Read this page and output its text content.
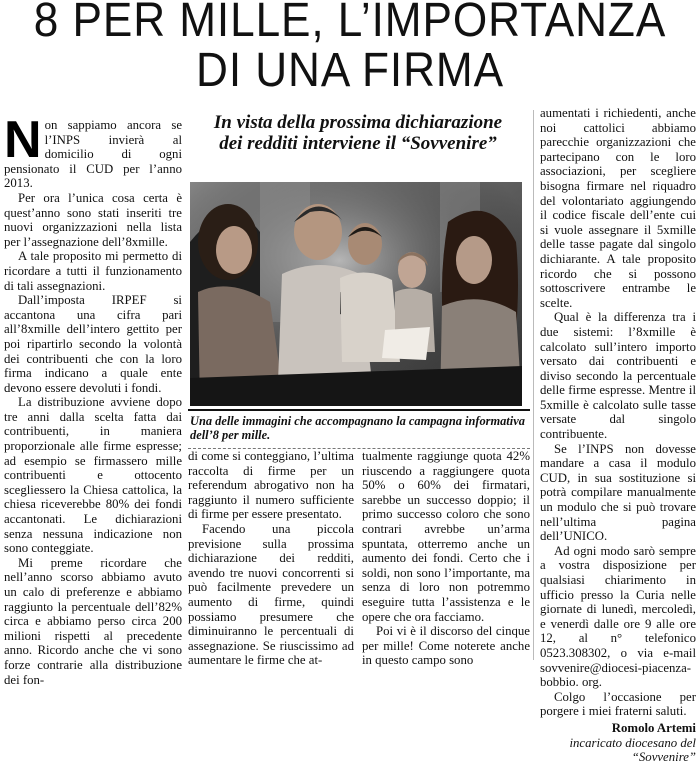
8 PER MILLE, L’IMPORTANZA
DI UNA FIRMA

Non sappiamo ancora se l’INPS invierà al domicilio di ogni pensionato il CUD per l’anno 2013.

Per ora l’unica cosa certa è quest’anno sono stati inseriti tre nuovi organizzazioni nella lista per l’assegnazione dell’8xmille.

A tale proposito mi permetto di ricordare a tutti il funzionamento di tali assegnazioni.

Dall’imposta IRPEF si accantona una cifra pari all’8xmille dell’intero gettito per poi ripartirlo secondo la volontà dei contribuenti che con la loro firma indicano a quale ente devono essere devoluti i fondi.

La distribuzione avviene dopo tre anni dalla scelta fatta dai contribuenti, in maniera proporzionale alle firme espresse; ad esempio se firmassero mille contribuenti e ottocento scegliessero la Chiesa cattolica, la chiesa riceverebbe 80% dei fondi accantonati. Le dichiarazioni senza nessuna indicazione non sono conteggiate.

Mi preme ricordare che nell’anno scorso abbiamo avuto un calo di preferenze e abbiamo raggiunto la percentuale dell’82% circa e abbiamo perso circa 200 milioni rispetti al precedente anno. Ricordo anche che vi sono forze contrarie alla distribuzione dei fon-

In vista della prossima dichiarazione
dei redditi interviene il “Sovvenire”
Una delle immagini che accompagnano la campagna informativa dell’8 per mille.

di come si conteggiano, l’ultima raccolta di firme per un referendum abrogativo non ha raggiunto il numero sufficiente di firme per essere presentato.

Facendo una piccola previsione sulla prossima dichiarazione dei redditi, avendo tre nuovi concorrenti si può facilmente prevedere un aumento di firme, quindi possiamo presumere che diminuiranno le percentuali di assegnazione. Se riuscissimo ad aumentare le firme che at-

tualmente raggiunge quota 42% riuscendo a raggiungere quota 50% o 60% dei firmatari, sarebbe un successo doppio; il primo successo coloro che sono contrari avrebbe un’arma spuntata, otterremo anche un aumento dei fondi. Certo che i soldi, non sono l’importante, ma senza di loro non potremmo eseguire tutta l’assistenza e le opere che ora facciamo.

Poi vi è il discorso del cinque per mille! Come noterete anche in questo campo sono

aumentati i richiedenti, anche noi cattolici abbiamo parecchie organizzazioni che partecipano con le loro associazioni, per scegliere bisogna firmare nel riquadro del volontariato aggiungendo il codice fiscale dell’ente cui si vuole assegnare il 5xmille delle tasse pagate dal singolo dichiarante. A tale proposito ricordo che si possono sottoscrivere entrambe le scelte.

Qual è la differenza tra i due sistemi: l’8xmille è calcolato sull’intero importo versato dai contribuenti e diviso secondo la percentuale delle firme espresse. Mentre il 5xmille è calcolato sulle tasse versate dal singolo contribuente.

Se l’INPS non dovesse mandare a casa il modulo CUD, in sua sostituzione si potrà compilare manualmente un modulo che si può trovare nell’ultima pagina dell’UNICO.

Ad ogni modo sarò sempre a vostra disposizione per qualsiasi chiarimento in ufficio presso la Curia nelle giornate di lunedì, mercoledì, e venerdì dalle ore 9 alle ore 12, al n° telefonico 0523.308302, o via e-mail sovvenire@diocesi-piacenza-bobbio. org.

Colgo l’occasione per porgere i miei fraterni saluti.

Romolo Artemi

incaricato diocesano del “Sovvenire”
